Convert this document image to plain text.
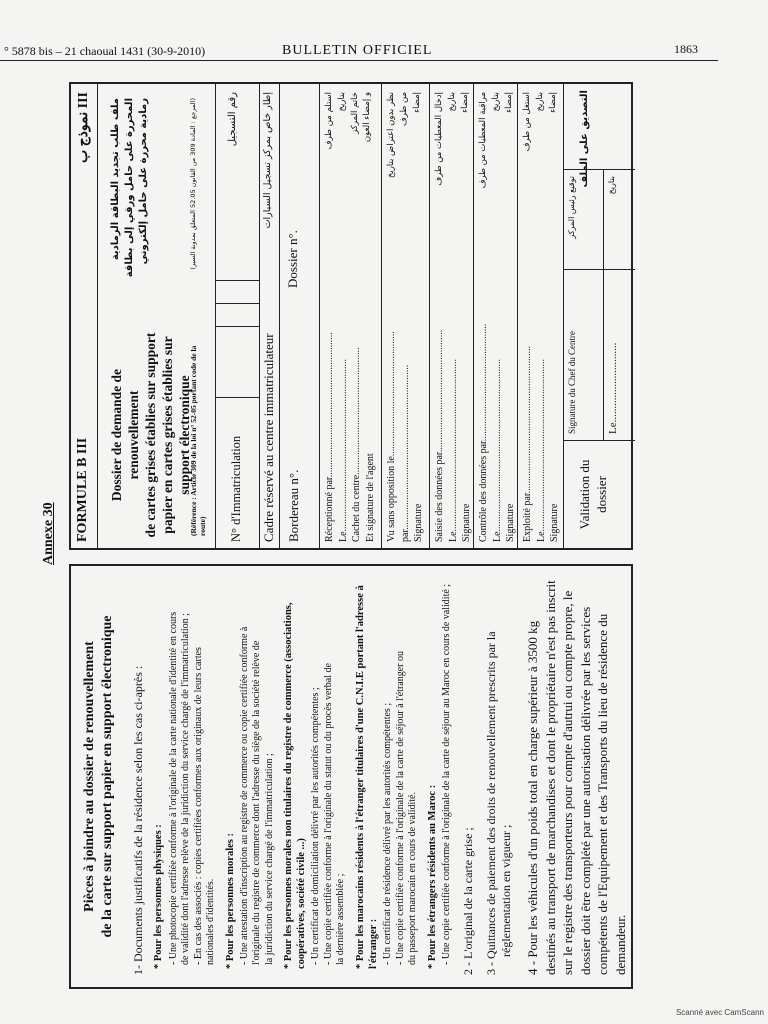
° 5878 bis – 21 chaoual 1431 (30-9-2010)	BULLETIN OFFICIEL	1863
Annexe 30
Pièces à joindre au dossier de renouvellement de la carte sur support papier en support électronique 1- Documents justificatifs de la résidence selon les cas ci-après : * Pour les personnes physiques : - Une photocopie certifiée conforme à l'originale de la carte nationale d'identité en cours de validité dont l'adresse relève de la juridiction du service chargé de l'immatriculation ; - En cas des associés : copies certifiées conformes aux originaux de leurs cartes nationales d'identités. * Pour les personnes morales : - Une attestation d'inscription au registre de commerce ou copie certifiée conforme à l'originale du registre de commerce dont l'adresse du siège de la société relève de la juridiction du service chargé de l'immatriculation ; * Pour les personnes morales non titulaires du registre de commerce (associations, coopératives, société civile ...) - Un certificat de domiciliation délivré par les autorités compétentes ; - Une copie certifiée conforme à l'originale du statut ou du procès verbal de la dernière assemblée ; * Pour les marocains résidents à l'étranger titulaires d'une C.N.I.E portant l'adresse à l'étranger : - Un certificat de résidence délivré par les autorités compétentes ; - Une copie certifiée conforme à l'originale de la carte de séjour à l'étranger ou du passeport marocain en cours de validité. * Pour les étrangers résidents au Maroc : - Une copie certifiée conforme à l'originale de la carte de séjour au Maroc en cours de validité ; 2 - L'original de la carte grise ; 3 - Quittances de paiement des droits de renouvellement prescrits par la réglementation en vigueur ; 4 - Pour les véhicules d'un poids total en charge supérieur à 3500 kg destinés au transport de marchandises et dont le propriétaire n'est pas inscrit sur le registre des transporteurs pour compte d'autrui ou compte propre, le dossier doit être complété par une autorisation délivrée par les services compétents de l'Equipement et des Transports du lieu de résidence du demandeur.
FORMULE B III
نموذج ب III
Dossier de demande de renouvellement de cartes grises établies sur support papier en cartes grises établies sur support électronique
(Référence : Article 309 de la loi n° 52-05 portant code de la route)
ملف طلب تجديد البطاقة الرمادية المحررة على حامل ورقي إلى بطاقة رمادية محررة على حامل إلكتروني	(المرجع : المادة 309 من القانون 52.05 المتعلق بمدونة السير)
N° d'Immatriculation
رقم التسجيل
Cadre réservé au centre immatriculateur
إطار خاص بمركز تسجيل السيارات
Bordereau n°.
Dossier n°.
Réceptionné par.......................................................... Le..................................................................... Cachet du centre................................................... Et signature de l'agent
استلم من طرف بتاريخ خاتم المركز و إمضاء العون
Vu sans opposition le.................................................. par.................................................................. Signature
نظر بدون اعتراض بتاريخ من طرف إمضاء
Saisie des données par................................................. Le..................................................................... Signature
إدخال المعطيات من طرف بتاريخ إمضاء
Contrôle des données par............................................... Le..................................................................... Signature
مراقبة المعطيات من طرف بتاريخ إمضاء
Exploité par........................................................... Le..................................................................... Signature
استغل من طرف بتاريخ إمضاء
Validation du dossier
Signature du Chef du Centre	Le.............................
توقيع رئيس المركز	بتاريخ
التصديق على الملف
Scanné avec CamScann
